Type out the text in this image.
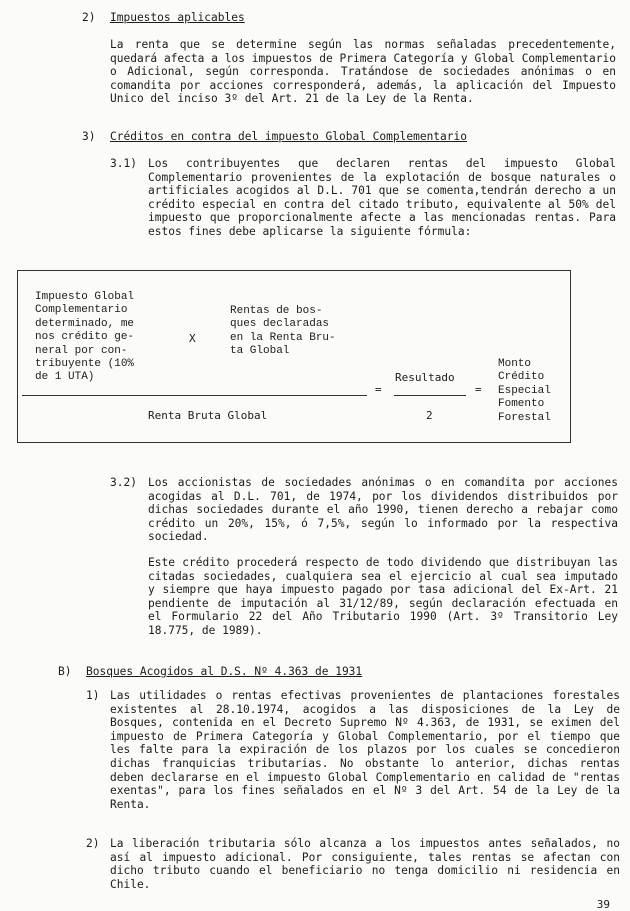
2) Impuestos aplicables

La renta que se determine según las normas señaladas precedentemente, quedará afecta a los impuestos de Primera Categoría y Global Complementario o Adicional, según corresponda. Tratándose de sociedades anónimas o en comandita por acciones corresponderá, además, la aplicación del Impuesto Unico del inciso 3º del Art. 21 de la Ley de la Renta.

3) Créditos en contra del impuesto Global Complementario
3.1) Los contribuyentes que declaren rentas del impuesto Global Complementario provenientes de la explotación de bosque naturales o artificiales acogidos al D.L. 701 que se comenta,tendrán derecho a un crédito especial en contra del citado tributo, equivalente al 50% del impuesto que proporcionalmente afecte a las mencionadas rentas. Para estos fines debe aplicarse la siguiente fórmula:

Impuesto Global
Complementario
determinado, me
nos crédito ge-
neral por con-
tribuyente (10%
de 1 UTA)
X
Rentas de bos-
ques declaradas
en la Renta Bru-
ta Global
Resultado
Monto
Crédito
Especial
Fomento
Forestal
=	=
Renta Bruta Global	2
3.2) Los accionistas de sociedades anónimas o en comandita por acciones acogidas al D.L. 701, de 1974, por los dividendos distribuidos por dichas sociedades durante el año 1990, tienen derecho a rebajar como crédito un 20%, 15%, ó 7,5%, según lo informado por la respectiva sociedad.

Este crédito procederá respecto de todo dividendo que distribuyan las citadas sociedades, cualquiera sea el ejercicio al cual sea imputado y siempre que haya impuesto pagado por tasa adicional del Ex-Art. 21 pendiente de imputación al 31/12/89, según declaración efectuada en el Formulario 22 del Año Tributario 1990 (Art. 3º Transitorio Ley 18.775, de 1989).

B) Bosques Acogidos al D.S. Nº 4.363 de 1931
1) Las utilidades o rentas efectivas provenientes de plantaciones forestales existentes al 28.10.1974, acogidos a las disposiciones de la Ley de Bosques, contenida en el Decreto Supremo Nº 4.363, de 1931, se eximen del impuesto de Primera Categoría y Global Complementario, por el tiempo que les falte para la expiración de los plazos por los cuales se concedieron dichas franquicias tributarias. No obstante lo anterior, dichas rentas deben declararse en el impuesto Global Complementario en calidad de "rentas exentas", para los fines señalados en el Nº 3 del Art. 54 de la Ley de la Renta.

2) La liberación tributaria sólo alcanza a los impuestos antes señalados, no así al impuesto adicional. Por consiguiente, tales rentas se afectan con dicho tributo cuando el beneficiario no tenga domicilio ni residencia en Chile.

39
